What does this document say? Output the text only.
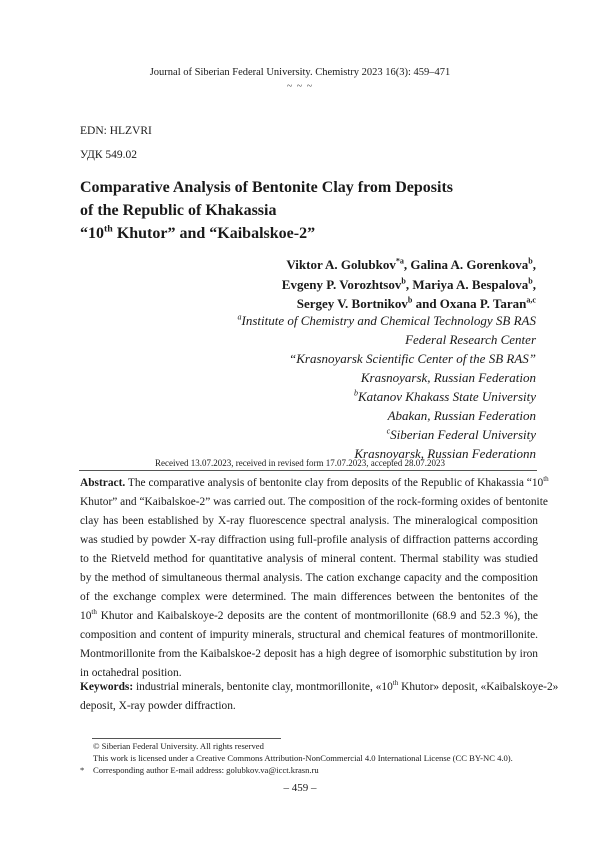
Journal of Siberian Federal University. Chemistry 2023 16(3): 459–471
~ ~ ~
EDN: HLZVRI
УДК 549.02
Comparative Analysis of Bentonite Clay from Deposits
of the Republic of Khakassia
“10th Khutor” and “Kaibalskoe-2”
Viktor A. Golubkov$^{*a}$, Galina A. Gorenkova$^b$,
Evgeny P. Vorozhtsov$^b$, Mariya A. Bespalova$^b$,
Sergey V. Bortnikov$^b$ and Oxana P. Taran$^{a,c}$
$^a$Institute of Chemistry and Chemical Technology SB RAS
Federal Research Center
“Krasnoyarsk Scientific Center of the SB RAS”
Krasnoyarsk, Russian Federation
$^b$Katanov Khakass State University
Abakan, Russian Federation
$^c$Siberian Federal University
Krasnoyarsk, Russian Federationn
Received 13.07.2023, received in revised form 17.07.2023, accepted 28.07.2023
Abstract. The comparative analysis of bentonite clay from deposits of the Republic of Khakassia “10th
Khutor” and “Kaibalskoe-2” was carried out. The composition of the rock-forming oxides of bentonite
clay has been established by X-ray fluorescence spectral analysis. The mineralogical composition
was studied by powder X-ray diffraction using full-profile analysis of diffraction patterns according
to the Rietveld method for quantitative analysis of mineral content. Thermal stability was studied
by the method of simultaneous thermal analysis. The cation exchange capacity and the composition
of the exchange complex were determined. The main differences between the bentonites of the
10th Khutor and Kaibalskoye-2 deposits are the content of montmorillonite (68.9 and 52.3 %), the
composition and content of impurity minerals, structural and chemical features of montmorillonite.
Montmorillonite from the Kaibalskoe-2 deposit has a high degree of isomorphic substitution by iron
in octahedral position.
Keywords: industrial minerals, bentonite clay, montmorillonite, «10th Khutor» deposit, «Kaibalskoye-2»
deposit, X-ray powder diffraction.
© Siberian Federal University. All rights reserved
This work is licensed under a Creative Commons Attribution-NonCommercial 4.0 International License (CC BY-NC 4.0).
* Corresponding author E-mail address: golubkov.va@icct.krasn.ru
– 459 –
